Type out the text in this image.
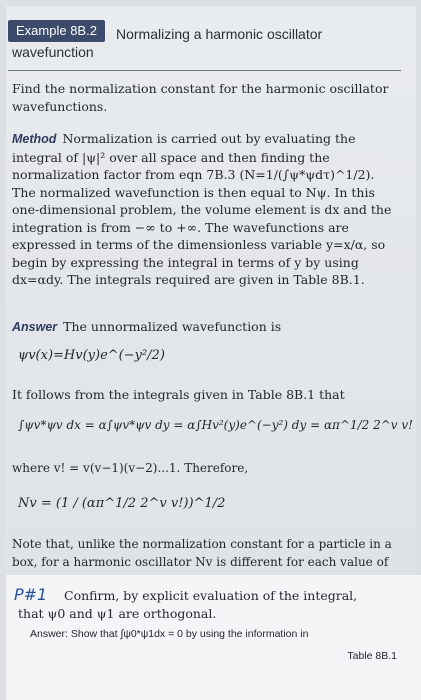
Example 8B.2	Normalizing a harmonic oscillator
wavefunction
Find the normalization constant for the harmonic oscillator wavefunctions.
Method Normalization is carried out by evaluating the integral of |ψ|² over all space and then finding the normalization factor from eqn 7B.3 (N=1/(∫ψ*ψdτ)^1/2). The normalized wavefunction is then equal to Nψ. In this one-dimensional problem, the volume element is dx and the integration is from −∞ to +∞. The wavefunctions are expressed in terms of the dimensionless variable y=x/α, so begin by expressing the integral in terms of y by using dx=αdy. The integrals required are given in Table 8B.1.
Answer The unnormalized wavefunction is
ψv(x)=Hv(y)e^(−y²/2)
It follows from the integrals given in Table 8B.1 that
∫ψv*ψv dx = α∫ψv*ψv dy = α∫Hv²(y)e^(−y²) dy = απ^1/2 2^v v!
where v! = v(v−1)(v−2)...1. Therefore,
Nv = (1 / (απ^1/2 2^v v!))^1/2
Note that, unlike the normalization constant for a particle in a box, for a harmonic oscillator Nv is different for each value of
P#1	Confirm, by explicit evaluation of the integral,
that ψ0 and ψ1 are orthogonal.
Answer: Show that ∫ψ0*ψ1dx = 0 by using the information in
Table 8B.1
